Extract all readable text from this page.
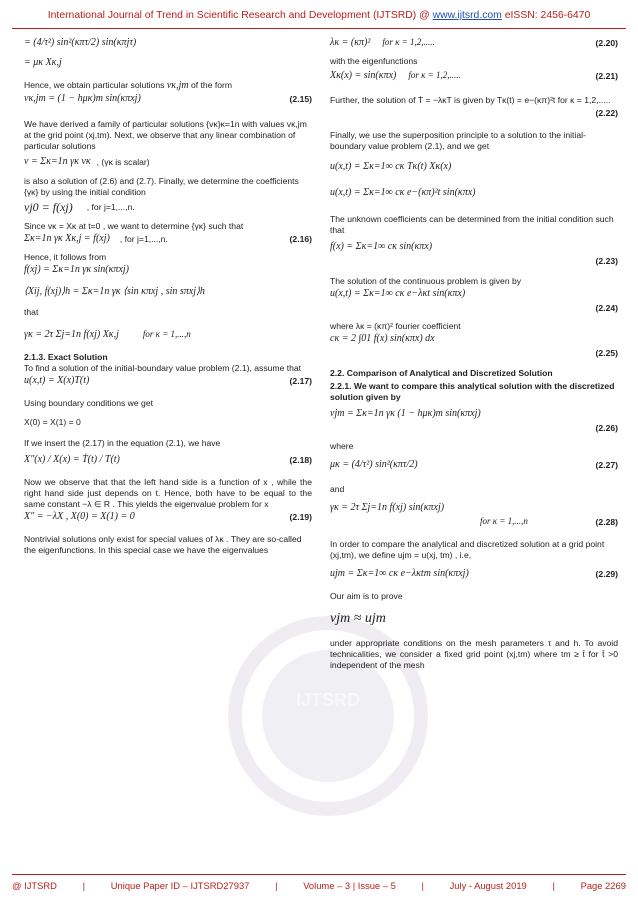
International Journal of Trend in Scientific Research and Development (IJTSRD) @ www.ijtsrd.com eISSN: 2456-6470
IJTSRD
= (4/τ²) sin²(κπτ/2) sin(κπjτ)
= μκ Xκ,j
Hence, we obtain particular solutions vκ,jm of the form
vκ,jm = (1 − hμκ)m sin(κπxj)	(2.15)
We have derived a family of particular solutions {vκ}κ=1n with values vκ,jm at the grid point (xj,tm). Next, we observe that any linear combination of particular solutions
v = Σκ=1n γκ vκ , (γκ is scalar)
is also a solution of (2.6) and (2.7). Finally, we determine the coefficients {γκ} by using the initial condition
vj0 = f(xj) , for j=1,...,n.
Since vκ = Xκ at t=0 , we want to determine {γκ} such that
Σκ=1n γκ Xκ,j = f(xj) , for j=1,...,n.	(2.16)
Hence, it follows from
f(xj) = Σκ=1n γκ sin(κπxj)
⟨Xij, f(xj)⟩h = Σκ=1n γκ ⟨sin κπxj , sin sπxj⟩h
that
γκ = 2τ Σj=1n f(xj) Xκ,j	for κ = 1,...,n
2.1.3. Exact Solution
To find a solution of the initial-boundary value problem (2.1), assume that
u(x,t) = X(x)T(t)	(2.17)
Using boundary conditions we get
X(0) = X(1) = 0
If we insert the (2.17) in the equation (2.1), we have
X″(x) / X(x) = Ṫ(t) / T(t)	(2.18)
Now we observe that that the left hand side is a function of x , while the right hand side just depends on t. Hence, both have to be equal to the same constant −λ ∈ R . This yields the eigenvalue problem for x
X″ = −λX , X(0) = X(1) = 0	(2.19)
Nontrivial solutions only exist for special values of λκ . They are so-called the eigenfunctions. In this special case we have the eigenvalues
λκ = (κπ)² for κ = 1,2,.....	(2.20)
with the eigenfunctions
Xκ(x) = sin(κπx) for κ = 1,2,.....	(2.21)
Further, the solution of Ṫ = −λκT is given by Tκ(t) = e−(κπ)²t for κ = 1,2,.....
(2.22)
Finally, we use the superposition principle to a solution to the initial-boundary value problem (2.1), and we get
u(x,t) = Σκ=1∞ cκ Tκ(t) Xκ(x)
u(x,t) = Σκ=1∞ cκ e−(κπ)²t sin(κπx)
The unknown coefficients can be determined from the initial condition such that
f(x) = Σκ=1∞ cκ sin(κπx)
(2.23)
The solution of the continuous problem is given by
u(x,t) = Σκ=1∞ cκ e−λκt sin(κπx)
(2.24)
where λκ = (κπ)² fourier coefficient
cκ = 2 ∫01 f(x) sin(κπx) dx
(2.25)
2.2. Comparison of Analytical and Discretized Solution
2.2.1. We want to compare this analytical solution with the discretized solution given by
vjm = Σκ=1n γκ (1 − hμκ)m sin(κπxj)
(2.26)
where
μκ = (4/τ²) sin²(κπτ/2)	(2.27)
and
γκ = 2τ Σj=1n f(xj) sin(κπxj)
for κ = 1,...,n	(2.28)
In order to compare the analytical and discretized solution at a grid point (xj,tm), we define ujm = u(xj, tm) , i.e,
ujm = Σκ=1∞ cκ e−λκtm sin(κπxj)	(2.29)
Our aim is to prove
vjm ≈ ujm
under appropriate conditions on the mesh parameters τ and h. To avoid technicalities, we consider a fixed grid point (xj,tm) where tm ≥ t̄ for t̄ >0 independent of the mesh
@ IJTSRD	|	Unique Paper ID – IJTSRD27937	|	Volume – 3 | Issue – 5	|	July - August 2019	|	Page 2269
